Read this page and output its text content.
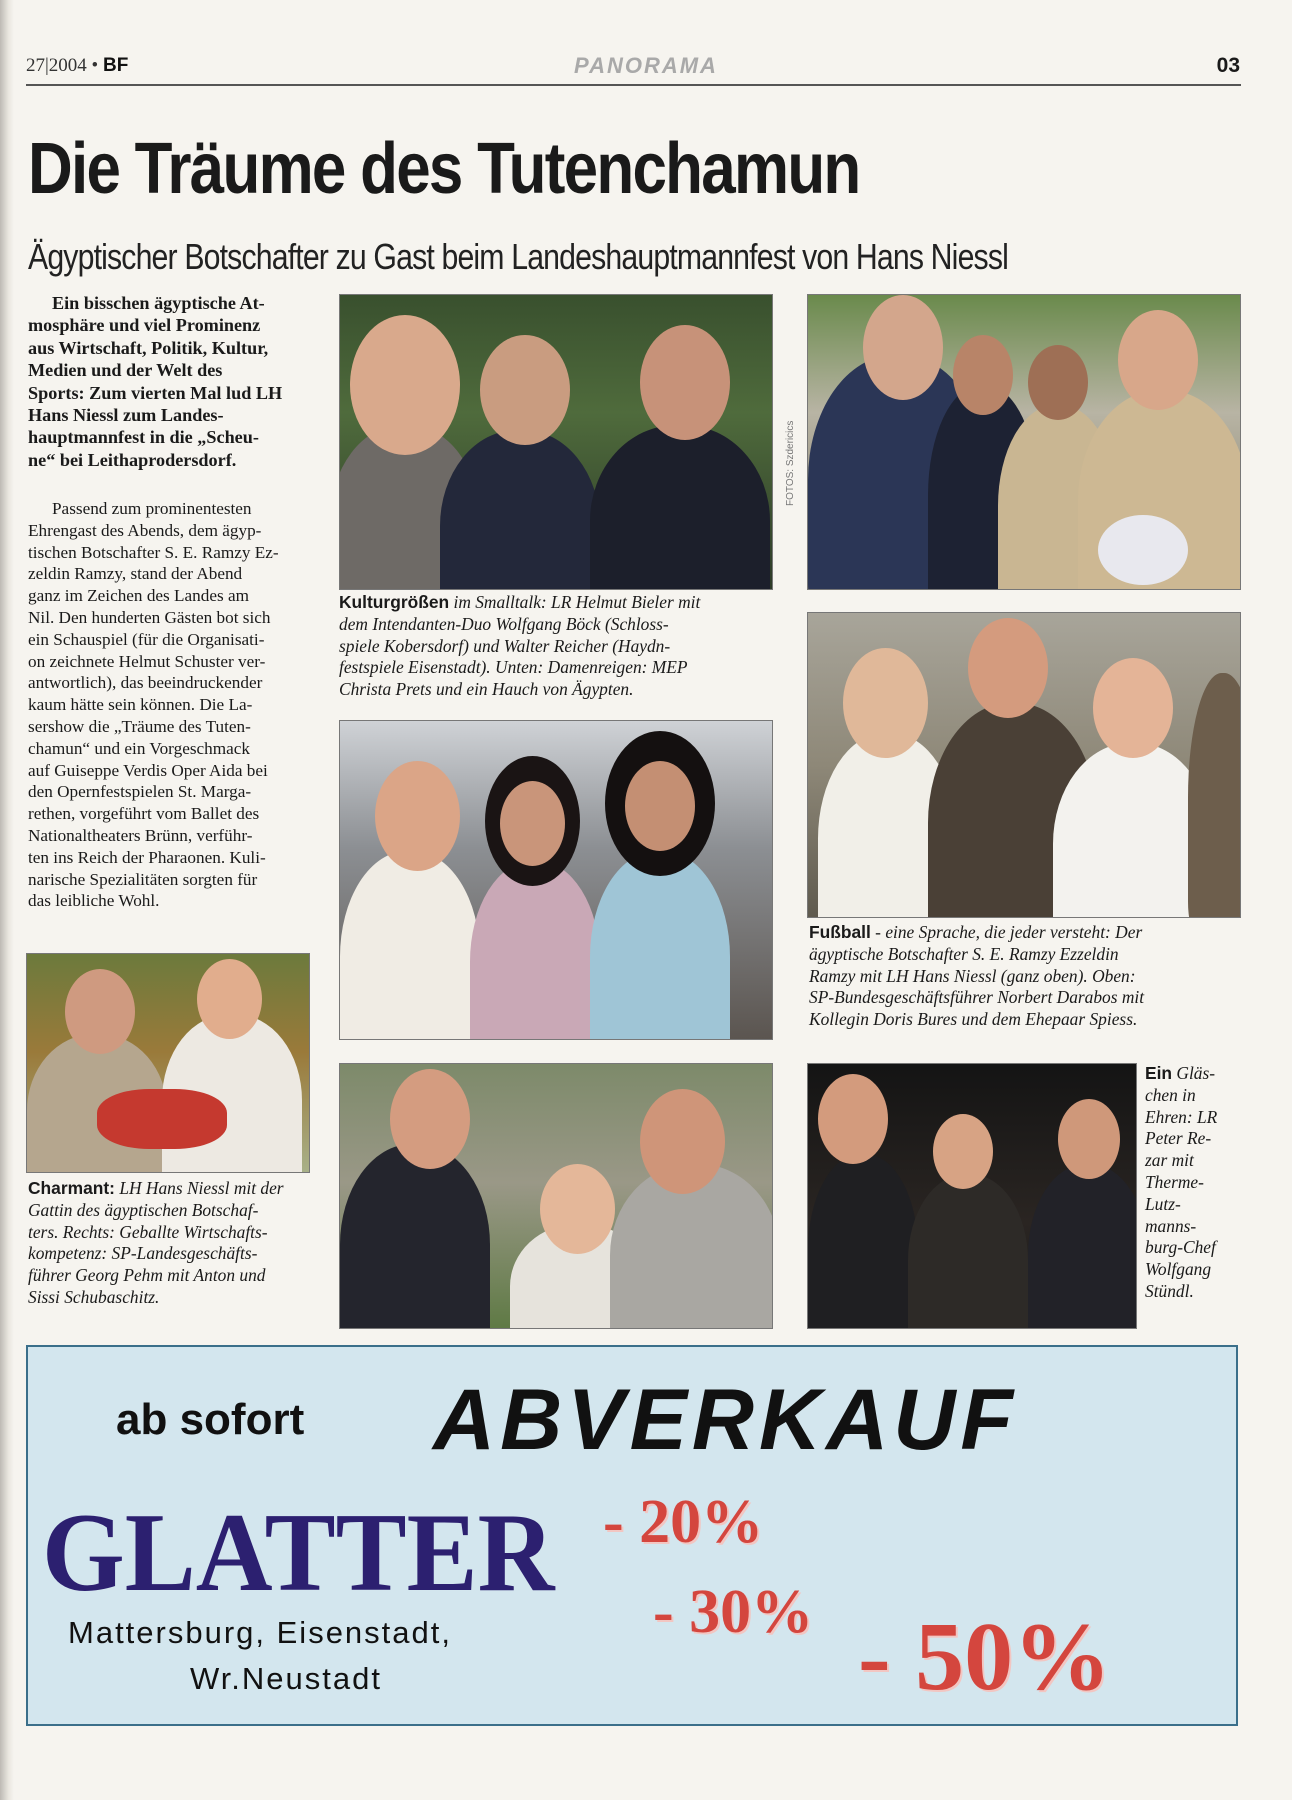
27|2004 • BF	PANORAMA	03
Die Träume des Tutenchamun
Ägyptischer Botschafter zu Gast beim Landeshauptmannfest von Hans Niessl

Ein bisschen ägyptische At-

mosphäre und viel Prominenz

aus Wirtschaft, Politik, Kultur,

Medien und der Welt des

Sports: Zum vierten Mal lud LH

Hans Niessl zum Landes-

hauptmannfest in die „Scheu-

ne“ bei Leithaprodersdorf.

Passend zum prominentesten

Ehrengast des Abends, dem ägyp-

tischen Botschafter S. E. Ramzy Ez-

zeldin Ramzy, stand der Abend

ganz im Zeichen des Landes am

Nil. Den hunderten Gästen bot sich

ein Schauspiel (für die Organisati-

on zeichnete Helmut Schuster ver-

antwortlich), das beeindruckender

kaum hätte sein können. Die La-

sershow die „Träume des Tuten-

chamun“ und ein Vorgeschmack

auf Guiseppe Verdis Oper Aida bei

den Opernfestspielen St. Marga-

rethen, vorgeführt vom Ballet des

Nationaltheaters Brünn, verführ-

ten ins Reich der Pharaonen. Kuli-

narische Spezialitäten sorgten für

das leibliche Wohl.

FOTOS: Szdericics
Kulturgrößen im Smalltalk: LR Helmut Bieler mit
dem Intendanten-Duo Wolfgang Böck (Schloss-
spiele Kobersdorf) und Walter Reicher (Haydn-
festspiele Eisenstadt). Unten: Damenreigen: MEP
Christa Prets und ein Hauch von Ägypten.
Fußball - eine Sprache, die jeder versteht: Der
ägyptische Botschafter S. E. Ramzy Ezzeldin
Ramzy mit LH Hans Niessl (ganz oben). Oben:
SP-Bundesgeschäftsführer Norbert Darabos mit
Kollegin Doris Bures und dem Ehepaar Spiess.
Charmant: LH Hans Niessl mit der
Gattin des ägyptischen Botschaf-
ters. Rechts: Geballte Wirtschafts-
kompetenz: SP-Landesgeschäfts-
führer Georg Pehm mit Anton und
Sissi Schubaschitz.
Ein Gläs-
chen in
Ehren: LR
Peter Re-
zar mit
Therme-
Lutz-
manns-
burg-Chef
Wolfgang
Stündl.
ab sofort ABVERKAUF
GLATTER
Mattersburg, Eisenstadt,
Wr.Neustadt
- 20%
- 30% - 50%
